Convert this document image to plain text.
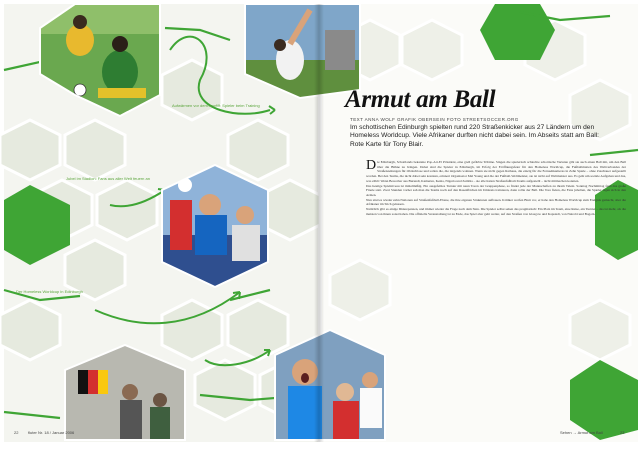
Armut am Ball
TEXT ANNA WOLF GRAFIK OBERSEIN FOTO STREETSOCCER.ORG
Im schottischen Edinburgh spielten rund 220 Straßenkicker aus 27 Ländern um den Homeless Worldcup. Viele Afrikaner durften nicht dabei sein. Im Abseits statt am Ball: Rote Karte für Tony Blair.
D ie Edinburgh, Schottlands bekannte Pop-Art-El Präsident, eine grell gefärbte Tribüne. Singen die spielerisch schlechte schottische Variante gibt sie auch einen Ball mit, um den Ball über die Bühne zu bringen. Dabei sind die Spieler in Edinburgh, im Erfolg der Eröffnungsfeier für den Homeless Worldcup, die Fußballmatten des Weltverbandes der Straßenzeitungen für Obdachlose und sollen die, die nirgends wohnen. Wenn sie nicht gegen Rathaus, die einzig für die Fernsehkameras in Zehn Spiele – ohne Zuschauer aufgestellt worden. Bei den Teams, die nicht dabei sein konnten, erinnert Organisator Mel Young und die der Fußball-Weltmeister, sie ist nicht auf Weltmeister aus. Es geht um soziale Aufgaben und das, was zählt: Wenn Bewerber aus Burundi, Kamerun, Kenia, Nigeria und Zambia – sie alle hatten Straßenfußball-Teams aufgestellt – nicht mitmachen konnten.

Das heutige Spielniveau ist mittelmäßig. Ein ausgefeiltes Turnier mit neun Toren der Gruppenphase, so findet jede der Mannschaften zu ihrem Talent. Sonntag Nachmittag fand das große Finale statt. Zwei Stunden vorher sah man die Teams noch auf den Rasenflächen im Umkreis trainieren, dann rollte der Ball. Die Tore fielen, die Fans jubelten, die Spieler lagen sich in den Armen.

Nun sind es wieder zehn Nationen auf Straßenfußball-Ebene, die ihre eigenen Strukturen aufbauen. Kritiker werfen Blair vor, er habe den Homeless Worldcup zum Ereignis gemacht, aber die Afrikaner im Stich gelassen.

Natürlich gibt es einige Diskrepanzen, und immer wieder die Frage nach dem Sinn. Die Spieler selbst sehen das pragmatisch: Ein Platz im Team, eine Reise, ein Turnier – das ist mehr, als die meisten von ihnen sonst haben. Die offizielle Veranstaltung ist zu Ende, das Spiel aber geht weiter, auf den Straßen von Glasgow und Kapstadt, von Nairobi und Bogotá.

Aufwärmen vor dem Anpfiff: Spieler beim Training
Jubel im Stadion: Fans aus aller Welt feuern an
Der Homeless Worldcup in Edinburgh
22 fluter Nr. 18 / Januar 2006	Sehen → Armut am Ball	23
